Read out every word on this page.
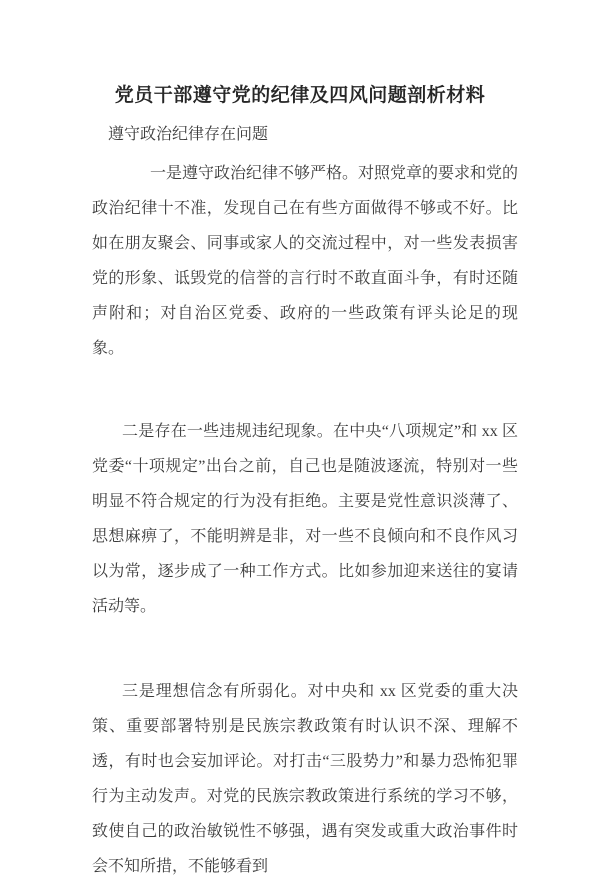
党员干部遵守党的纪律及四风问题剖析材料

遵守政治纪律存在问题

一是遵守政治纪律不够严格。对照党章的要求和党的政治纪律十不准，发现自己在有些方面做得不够或不好。比如在朋友聚会、同事或家人的交流过程中，对一些发表损害党的形象、诋毁党的信誉的言行时不敢直面斗争，有时还随声附和；对自治区党委、政府的一些政策有评头论足的现象。

二是存在一些违规违纪现象。在中央“八项规定”和 xx 区党委“十项规定”出台之前，自己也是随波逐流，特别对一些明显不符合规定的行为没有拒绝。主要是党性意识淡薄了、思想麻痹了，不能明辨是非，对一些不良倾向和不良作风习以为常，逐步成了一种工作方式。比如参加迎来送往的宴请活动等。

三是理想信念有所弱化。对中央和 xx 区党委的重大决策、重要部署特别是民族宗教政策有时认识不深、理解不透，有时也会妄加评论。对打击“三股势力”和暴力恐怖犯罪行为主动发声。对党的民族宗教政策进行系统的学习不够，致使自己的政治敏锐性不够强，遇有突发或重大政治事件时会不知所措，不能够看到
